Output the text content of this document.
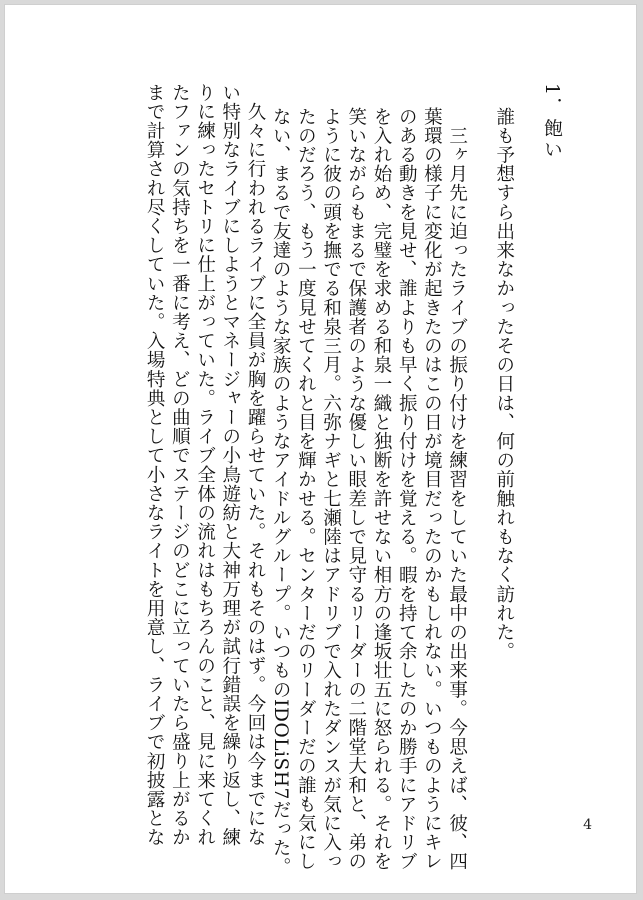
1．飽い

誰も予想すら出来なかったその日は、何の前触れもなく訪れた。

　三ヶ月先に迫ったライブの振り付けを練習をしていた最中の出来事。今思えば、彼、四
葉環の様子に変化が起きたのはこの日が境目だったのかもしれない。いつものようにキレ
のある動きを見せ、誰よりも早く振り付けを覚える。暇を持て余したのか勝手にアドリブ
を入れ始め、完璧を求める和泉一織と独断を許せない相方の逢坂壮五に怒られる。それを
笑いながらもまるで保護者のような優しい眼差しで見守るリーダーの二階堂大和と、弟の
ように彼の頭を撫でる和泉三月。六弥ナギと七瀬陸はアドリブで入れたダンスが気に入っ
たのだろう、もう一度見せてくれと目を輝かせる。センターだのリーダーだの誰も気にし
ない、まるで友達のような家族のようなアイドルグループ。いつものIDOLiSH7だった。

　久々に行われるライブに全員が胸を躍らせていた。それもそのはず。今回は今までにな
い特別なライブにしようとマネージャーの小鳥遊紡と大神万理が試行錯誤を繰り返し、練
りに練ったセトリに仕上がっていた。ライブ全体の流れはもちろんのこと、見に来てくれ
たファンの気持ちを一番に考え、どの曲順でステージのどこに立っていたら盛り上がるか
まで計算され尽くしていた。入場特典として小さなライトを用意し、ライブで初披露とな	4
